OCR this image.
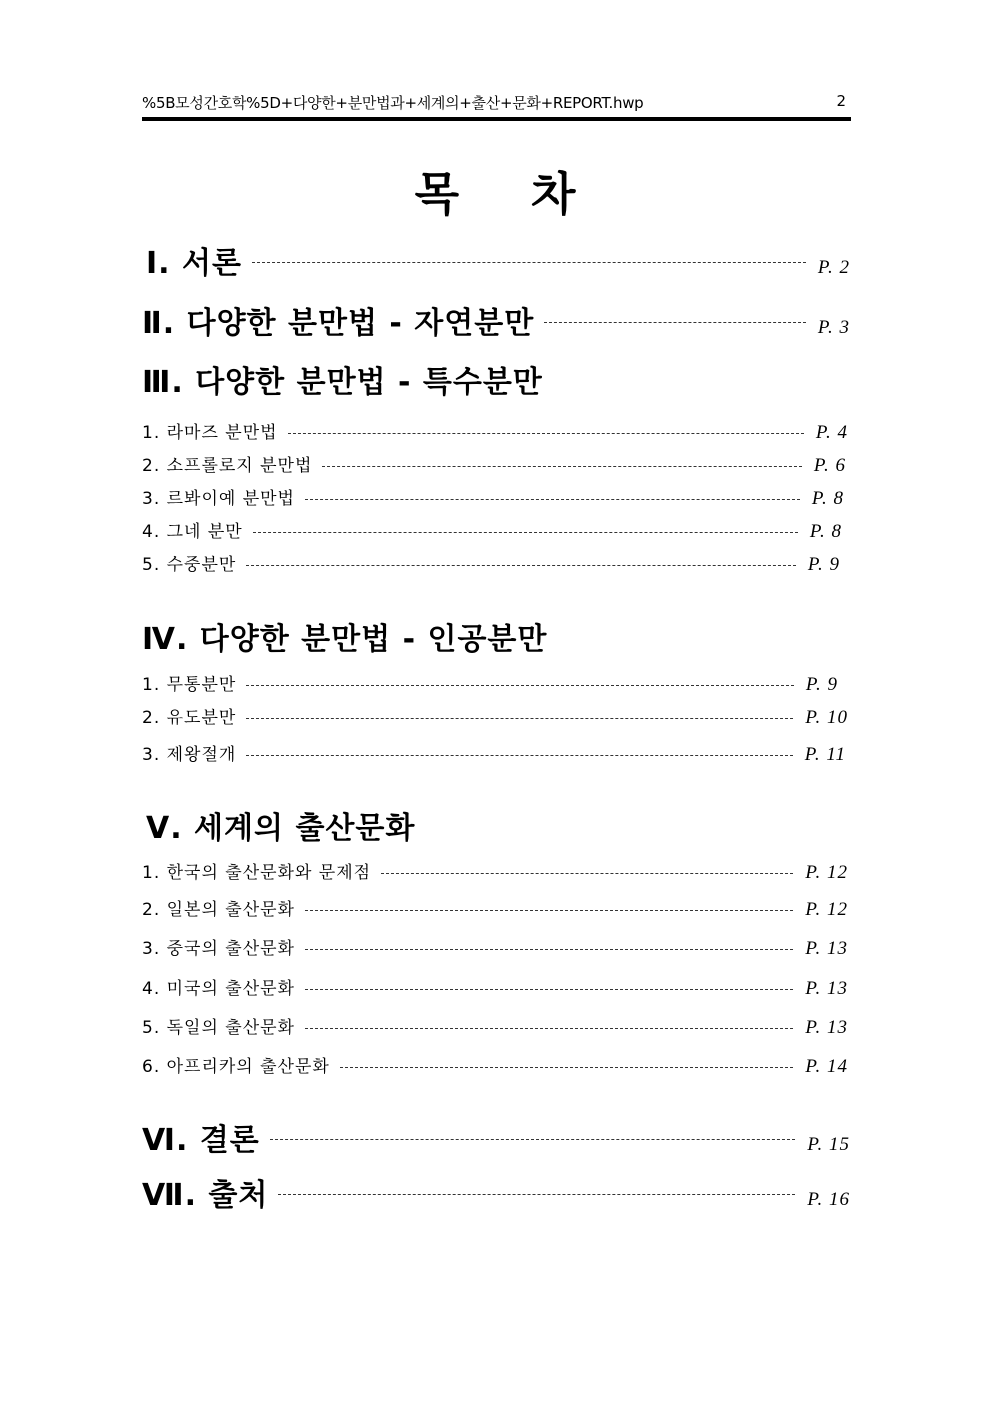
%5B모성간호학%5D+다양한+분만법과+세계의+출산+문화+REPORT.hwp	2
목 차
Ⅰ. 서론	P. 2
Ⅱ. 다양한 분만법 - 자연분만	P. 3
Ⅲ. 다양한 분만법 - 특수분만
1. 라마즈 분만법	P. 4
2. 소프롤로지 분만법	P. 6
3. 르봐이예 분만법	P. 8
4. 그네 분만	P. 8
5. 수중분만	P. 9
Ⅳ. 다양한 분만법 - 인공분만
1. 무통분만	P. 9
2. 유도분만	P. 10
3. 제왕절개	P. 11
Ⅴ. 세계의 출산문화
1. 한국의 출산문화와 문제점	P. 12
2. 일본의 출산문화	P. 12
3. 중국의 출산문화	P. 13
4. 미국의 출산문화	P. 13
5. 독일의 출산문화	P. 13
6. 아프리카의 출산문화	P. 14
Ⅵ. 결론	P. 15
Ⅶ. 출처	P. 16
